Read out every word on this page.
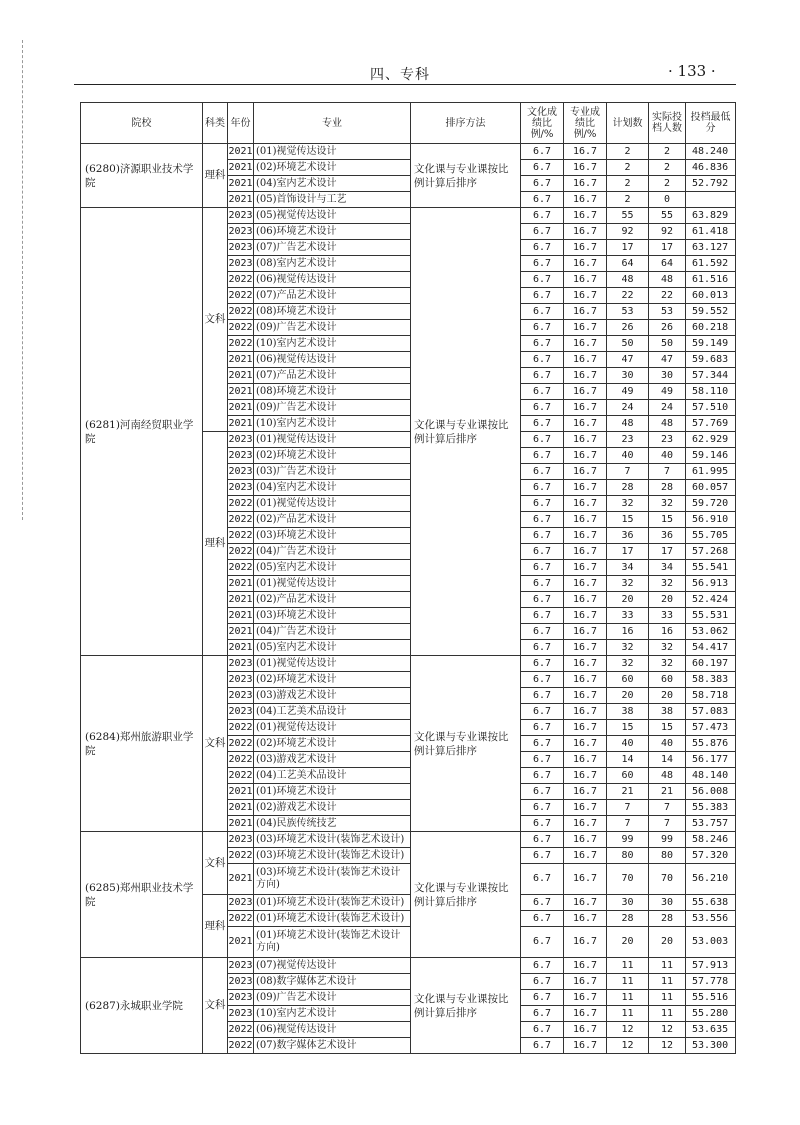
四、专科	· 133 ·
院校	科类	年份	专业	排序方法	文化成绩比例/%	专业成绩比例/%	计划数	实际投档人数	投档最低分
(6280)济源职业技术学院	理科	2021	(01)视觉传达设计	文化课与专业课按比例计算后排序	6.7	16.7	2	2	48.240
		2021	(02)环境艺术设计		6.7	16.7	2	2	46.836
		2021	(04)室内艺术设计		6.7	16.7	2	2	52.792
		2021	(05)首饰设计与工艺		6.7	16.7	2	0	
(6281)河南经贸职业学院	文科	2023	(05)视觉传达设计	文化课与专业课按比例计算后排序	6.7	16.7	55	55	63.829
		2023	(06)环境艺术设计		6.7	16.7	92	92	61.418
		2023	(07)广告艺术设计		6.7	16.7	17	17	63.127
		2023	(08)室内艺术设计		6.7	16.7	64	64	61.592
		2022	(06)视觉传达设计		6.7	16.7	48	48	61.516
		2022	(07)产品艺术设计		6.7	16.7	22	22	60.013
		2022	(08)环境艺术设计		6.7	16.7	53	53	59.552
		2022	(09)广告艺术设计		6.7	16.7	26	26	60.218
		2022	(10)室内艺术设计		6.7	16.7	50	50	59.149
		2021	(06)视觉传达设计		6.7	16.7	47	47	59.683
		2021	(07)产品艺术设计		6.7	16.7	30	30	57.344
		2021	(08)环境艺术设计		6.7	16.7	49	49	58.110
		2021	(09)广告艺术设计		6.7	16.7	24	24	57.510
		2021	(10)室内艺术设计		6.7	16.7	48	48	57.769
	理科	2023	(01)视觉传达设计		6.7	16.7	23	23	62.929
		2023	(02)环境艺术设计		6.7	16.7	40	40	59.146
		2023	(03)广告艺术设计		6.7	16.7	7	7	61.995
		2023	(04)室内艺术设计		6.7	16.7	28	28	60.057
		2022	(01)视觉传达设计		6.7	16.7	32	32	59.720
		2022	(02)产品艺术设计		6.7	16.7	15	15	56.910
		2022	(03)环境艺术设计		6.7	16.7	36	36	55.705
		2022	(04)广告艺术设计		6.7	16.7	17	17	57.268
		2022	(05)室内艺术设计		6.7	16.7	34	34	55.541
		2021	(01)视觉传达设计		6.7	16.7	32	32	56.913
		2021	(02)产品艺术设计		6.7	16.7	20	20	52.424
		2021	(03)环境艺术设计		6.7	16.7	33	33	55.531
		2021	(04)广告艺术设计		6.7	16.7	16	16	53.062
		2021	(05)室内艺术设计		6.7	16.7	32	32	54.417
(6284)郑州旅游职业学院	文科	2023	(01)视觉传达设计	文化课与专业课按比例计算后排序	6.7	16.7	32	32	60.197
		2023	(02)环境艺术设计		6.7	16.7	60	60	58.383
		2023	(03)游戏艺术设计		6.7	16.7	20	20	58.718
		2023	(04)工艺美术品设计		6.7	16.7	38	38	57.083
		2022	(01)视觉传达设计		6.7	16.7	15	15	57.473
		2022	(02)环境艺术设计		6.7	16.7	40	40	55.876
		2022	(03)游戏艺术设计		6.7	16.7	14	14	56.177
		2022	(04)工艺美术品设计		6.7	16.7	60	48	48.140
		2021	(01)环境艺术设计		6.7	16.7	21	21	56.008
		2021	(02)游戏艺术设计		6.7	16.7	7	7	55.383
		2021	(04)民族传统技艺		6.7	16.7	7	7	53.757
(6285)郑州职业技术学院	文科	2023	(03)环境艺术设计(装饰艺术设计)	文化课与专业课按比例计算后排序	6.7	16.7	99	99	58.246
		2022	(03)环境艺术设计(装饰艺术设计)		6.7	16.7	80	80	57.320
		2021	(03)环境艺术设计(装饰艺术设计方向)		6.7	16.7	70	70	56.210
	理科	2023	(01)环境艺术设计(装饰艺术设计)		6.7	16.7	30	30	55.638
		2022	(01)环境艺术设计(装饰艺术设计)		6.7	16.7	28	28	53.556
		2021	(01)环境艺术设计(装饰艺术设计方向)		6.7	16.7	20	20	53.003
(6287)永城职业学院	文科	2023	(07)视觉传达设计	文化课与专业课按比例计算后排序	6.7	16.7	11	11	57.913
		2023	(08)数字媒体艺术设计		6.7	16.7	11	11	57.778
		2023	(09)广告艺术设计		6.7	16.7	11	11	55.516
		2023	(10)室内艺术设计		6.7	16.7	11	11	55.280
		2022	(06)视觉传达设计		6.7	16.7	12	12	53.635
		2022	(07)数字媒体艺术设计		6.7	16.7	12	12	53.300
